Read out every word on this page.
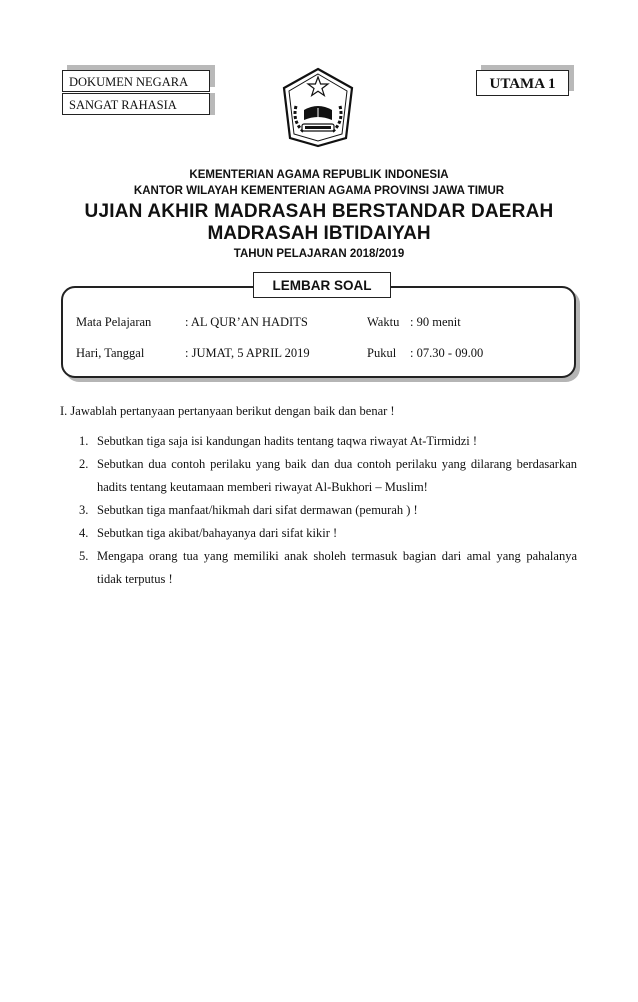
DOKUMEN NEGARA
SANGAT RAHASIA
UTAMA 1
KEMENTERIAN AGAMA REPUBLIK INDONESIA
KANTOR WILAYAH KEMENTERIAN AGAMA PROVINSI JAWA TIMUR
UJIAN AKHIR MADRASAH BERSTANDAR DAERAH
MADRASAH IBTIDAIYAH
TAHUN PELAJARAN 2018/2019
LEMBAR SOAL
Mata Pelajaran	: AL QUR’AN HADITS	Waktu : 90 menit
Hari, Tanggal	: JUMAT, 5 APRIL 2019	Pukul : 07.30 - 09.00
I. Jawablah pertanyaan pertanyaan berikut dengan baik dan benar !
1. Sebutkan tiga saja isi kandungan hadits tentang taqwa riwayat At-Tirmidzi !
2. Sebutkan dua contoh perilaku yang baik dan dua contoh perilaku yang dilarang berdasarkan
hadits tentang keutamaan memberi riwayat Al-Bukhori – Muslim!
3. Sebutkan tiga manfaat/hikmah dari sifat dermawan (pemurah ) !
4. Sebutkan tiga akibat/bahayanya dari sifat kikir !
5. Mengapa orang tua yang memiliki anak sholeh termasuk bagian dari amal yang pahalanya
tidak terputus !
